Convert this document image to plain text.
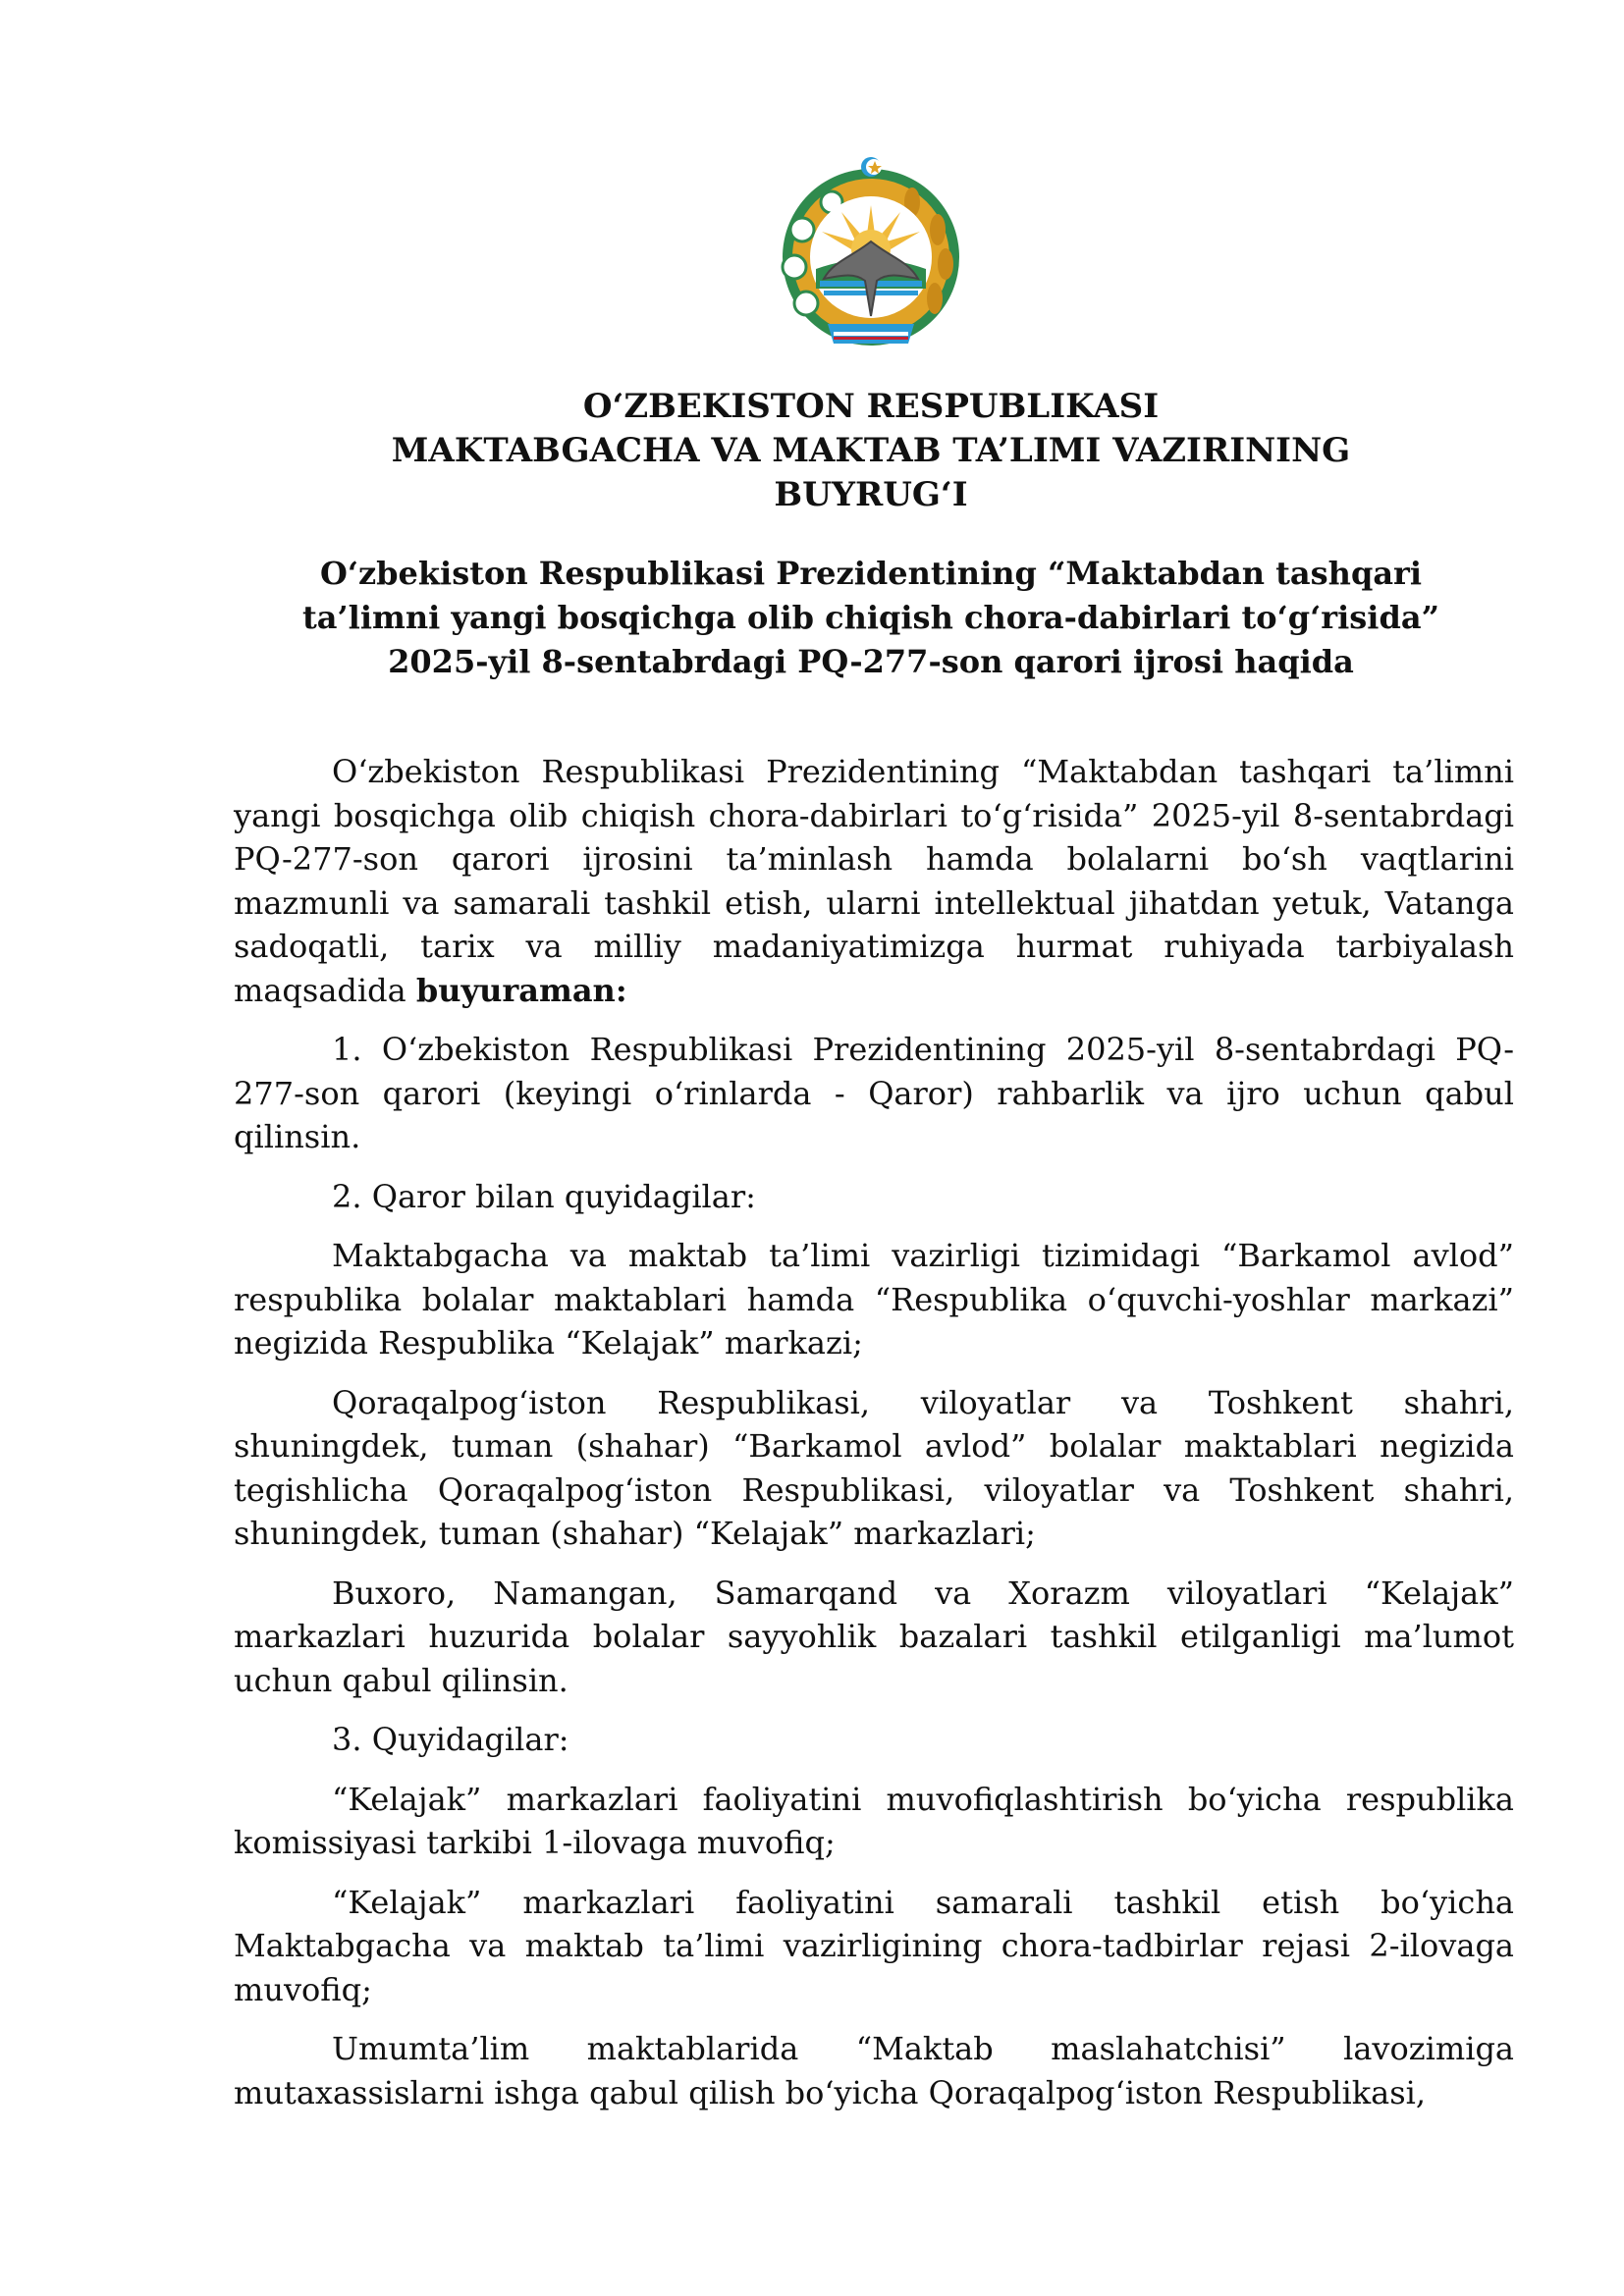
O‘ZBEKISTON RESPUBLIKASI
MAKTABGACHA VA MAKTAB TA’LIMI VAZIRINING
BUYRUG‘I
O‘zbekiston Respublikasi Prezidentining “Maktabdan tashqari
ta’limni yangi bosqichga olib chiqish chora-dabirlari to‘g‘risida”
2025-yil 8-sentabrdagi PQ-277-son qarori ijrosi haqida

O‘zbekiston Respublikasi Prezidentining “Maktabdan tashqari ta’limni yangi bosqichga olib chiqish chora-dabirlari to‘g‘risida” 2025-yil 8-sentabrdagi PQ-277-son qarori ijrosini ta’minlash hamda bolalarni bo‘sh vaqtlarini mazmunli va samarali tashkil etish, ularni intellektual jihatdan yetuk, Vatanga sadoqatli, tarix va milliy madaniyatimizga hurmat ruhiyada tarbiyalash maqsadida buyuraman:

1. O‘zbekiston Respublikasi Prezidentining 2025-yil 8-sentabrdagi PQ-277-son qarori (keyingi o‘rinlarda - Qaror) rahbarlik va ijro uchun qabul qilinsin.

2. Qaror bilan quyidagilar:

Maktabgacha va maktab ta’limi vazirligi tizimidagi “Barkamol avlod” respublika bolalar maktablari hamda “Respublika o‘quvchi-yoshlar markazi” negizida Respublika “Kelajak” markazi;

Qoraqalpog‘iston Respublikasi, viloyatlar va Toshkent shahri, shuningdek, tuman (shahar) “Barkamol avlod” bolalar maktablari negizida tegishlicha Qoraqalpog‘iston Respublikasi, viloyatlar va Toshkent shahri, shuningdek, tuman (shahar) “Kelajak” markazlari;

Buxoro, Namangan, Samarqand va Xorazm viloyatlari “Kelajak” markazlari huzurida bolalar sayyohlik bazalari tashkil etilganligi ma’lumot uchun qabul qilinsin.

3. Quyidagilar:

“Kelajak” markazlari faoliyatini muvofiqlashtirish bo‘yicha respublika komissiyasi tarkibi 1-ilovaga muvofiq;

“Kelajak” markazlari faoliyatini samarali tashkil etish bo‘yicha Maktabgacha va maktab ta’limi vazirligining chora-tadbirlar rejasi 2-ilovaga muvofiq;

Umumta’lim maktablarida “Maktab maslahatchisi” lavozimiga mutaxassislarni ishga qabul qilish bo‘yicha Qoraqalpog‘iston Respublikasi,
